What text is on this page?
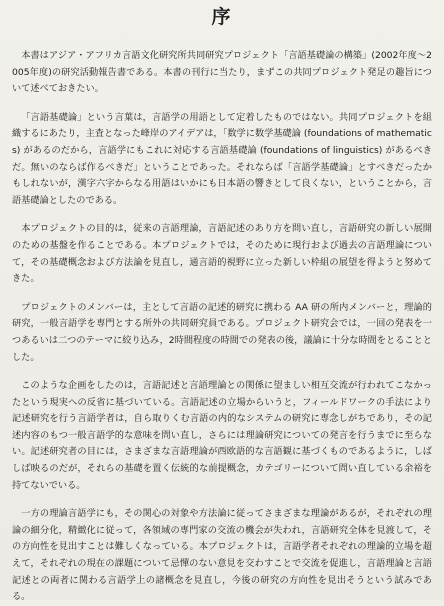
序

本書はアジア・アフリカ言語文化研究所共同研究プロジェクト「言語基礎論の構築」(2002年度〜2005年度)の研究活動報告書である。本書の刊行に当たり，まずこの共同プロジェクト発足の趣旨について述べておきたい。

「言語基礎論」という言葉は，言語学の用語として定着したものではない。共同プロジェクトを組織するにあたり，主査となった峰岸のアイデアは，「数学に数学基礎論 (foundations of mathematics) があるのだから，言語学にもこれに対応する言語基礎論 (foundations of linguistics) があるべきだ。無いのならば作るべきだ」ということであった。それならば「言語学基礎論」とすべきだったかもしれないが，漢字六字からなる用語はいかにも日本語の響きとして良くない，ということから，言語基礎論としたのである。

本プロジェクトの目的は，従来の言語理論，言語記述のあり方を問い直し，言語研究の新しい展開のための基盤を作ることである。本プロジェクトでは，そのために現行および過去の言語理論について，その基礎概念および方法論を見直し，通言語的視野に立った新しい枠組の展望を得ようと努めてきた。

プロジェクトのメンバーは，主として言語の記述的研究に携わる AA 研の所内メンバーと，理論的研究，一般言語学を専門とする所外の共同研究員である。プロジェクト研究会では，一回の発表を一つあるいは二つのテーマに絞り込み，2時間程度の時間での発表の後，議論に十分な時間をとることとした。

このような企画をしたのは，言語記述と言語理論との関係に望ましい相互交流が行われてこなかったという現実への反省に基づいている。言語記述の立場からいうと，フィールドワークの手法により記述研究を行う言語学者は，自ら取りくむ言語の内的なシステムの研究に専念しがちであり，その記述内容のもつ一般言語学的な意味を問い直し，さらには理論研究についての発言を行うまでに至らない。記述研究者の目には，さまざまな言語理論が西欧語的な言語観に基づくものであるように，しばしば映るのだが，それらの基礎を置く伝統的な前提概念，カテゴリーについて問い直している余裕を持てないでいる。

一方の理論言語学にも，その関心の対象や方法論に従ってさまざまな理論があるが，それぞれの理論の細分化，精緻化に従って，各領域の専門家の交流の機会が失われ，言語研究全体を見渡して，その方向性を見出すことは難しくなっている。本プロジェクトは，言語学者それぞれの理論的立場を超えて，それぞれの現在の課題について忌憚のない意見を交わすことで交流を促進し，言語理論と言語記述との両者に関わる言語学上の諸概念を見直し，今後の研究の方向性を見出そうという試みである。
